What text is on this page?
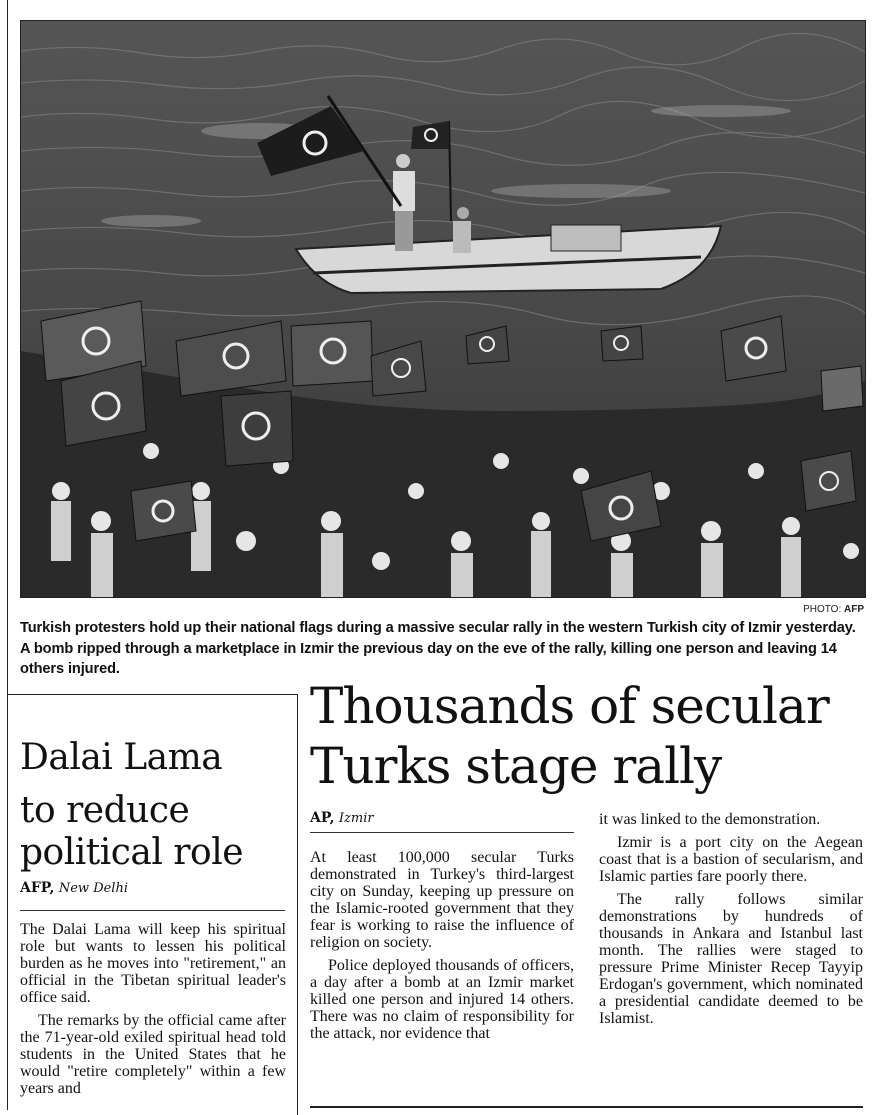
PHOTO: AFP
Turkish protesters hold up their national flags during a massive secular rally in the western Turkish city of Izmir yesterday. A bomb ripped through a marketplace in Izmir the previous day on the eve of the rally, killing one person and leaving 14 others injured.
Dalai Lama
to reduce political role
AFP, New Delhi

The Dalai Lama will keep his spiritual role but wants to lessen his political burden as he moves into "retirement," an official in the Tibetan spiritual leader's office said.

The remarks by the official came after the 71-year-old exiled spiritual head told students in the United States that he would "retire completely" within a few years and

Thousands of secular Turks stage rally
AP, Izmir

At least 100,000 secular Turks demonstrated in Turkey's third-largest city on Sunday, keeping up pressure on the Islamic-rooted government that they fear is working to raise the influence of religion on society.

Police deployed thousands of officers, a day after a bomb at an Izmir market killed one person and injured 14 others. There was no claim of responsibility for the attack, nor evidence that

it was linked to the demonstration.

Izmir is a port city on the Aegean coast that is a bastion of secularism, and Islamic parties fare poorly there.

The rally follows similar demonstrations by hundreds of thousands in Ankara and Istanbul last month. The rallies were staged to pressure Prime Minister Recep Tayyip Erdogan's government, which nominated a presidential candidate deemed to be Islamist.
